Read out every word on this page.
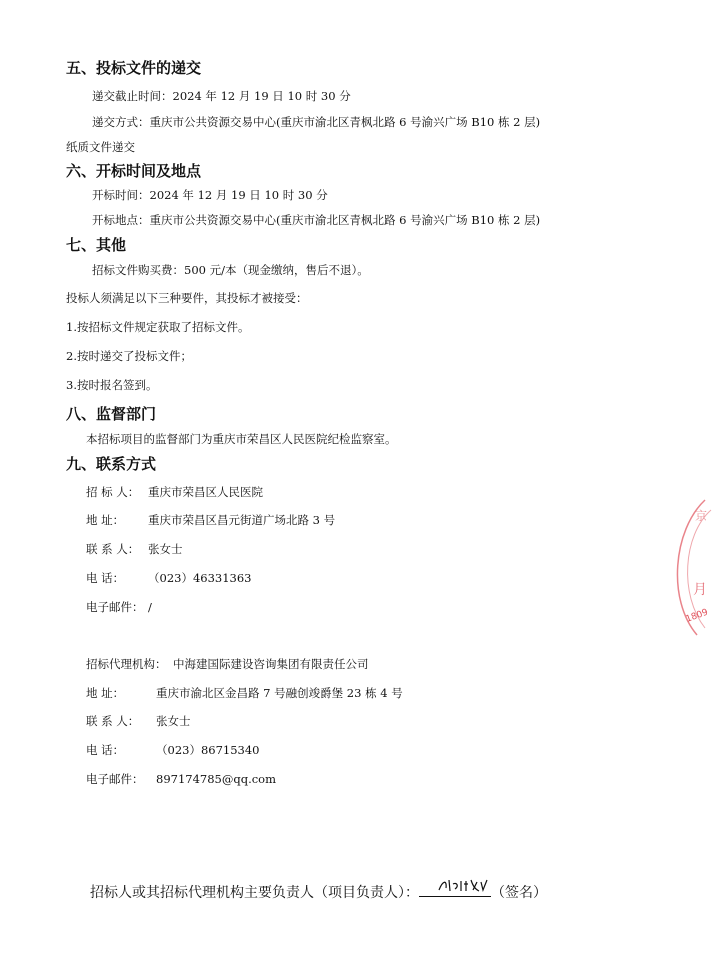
五、投标文件的递交
递交截止时间：2024 年 12 月 19 日 10 时 30 分
递交方式：重庆市公共资源交易中心(重庆市渝北区青枫北路 6 号渝兴广场 B10 栋 2 层)
纸质文件递交
六、开标时间及地点
开标时间：2024 年 12 月 19 日 10 时 30 分
开标地点：重庆市公共资源交易中心(重庆市渝北区青枫北路 6 号渝兴广场 B10 栋 2 层)
七、其他
招标文件购买费：500 元/本（现金缴纳，售后不退）。
投标人须满足以下三种要件，其投标才被接受：
1.按招标文件规定获取了招标文件。
2.按时递交了投标文件；
3.按时报名签到。
八、监督部门
本招标项目的监督部门为重庆市荣昌区人民医院纪检监察室。
九、联系方式
招 标 人： 重庆市荣昌区人民医院
地 址： 重庆市荣昌区昌元街道广场北路 3 号
联 系 人： 张女士
电 话： （023）46331363
电子邮件： /
招标代理机构： 中海建国际建设咨询集团有限责任公司
地 址：	重庆市渝北区金昌路 7 号融创竣爵堡 23 栋 4 号
联 系 人： 张女士
电 话：	（023）86715340
电子邮件： 897174785@qq.com
招标人或其招标代理机构主要负责人（项目负责人）：	（签名）
1809
月
京
